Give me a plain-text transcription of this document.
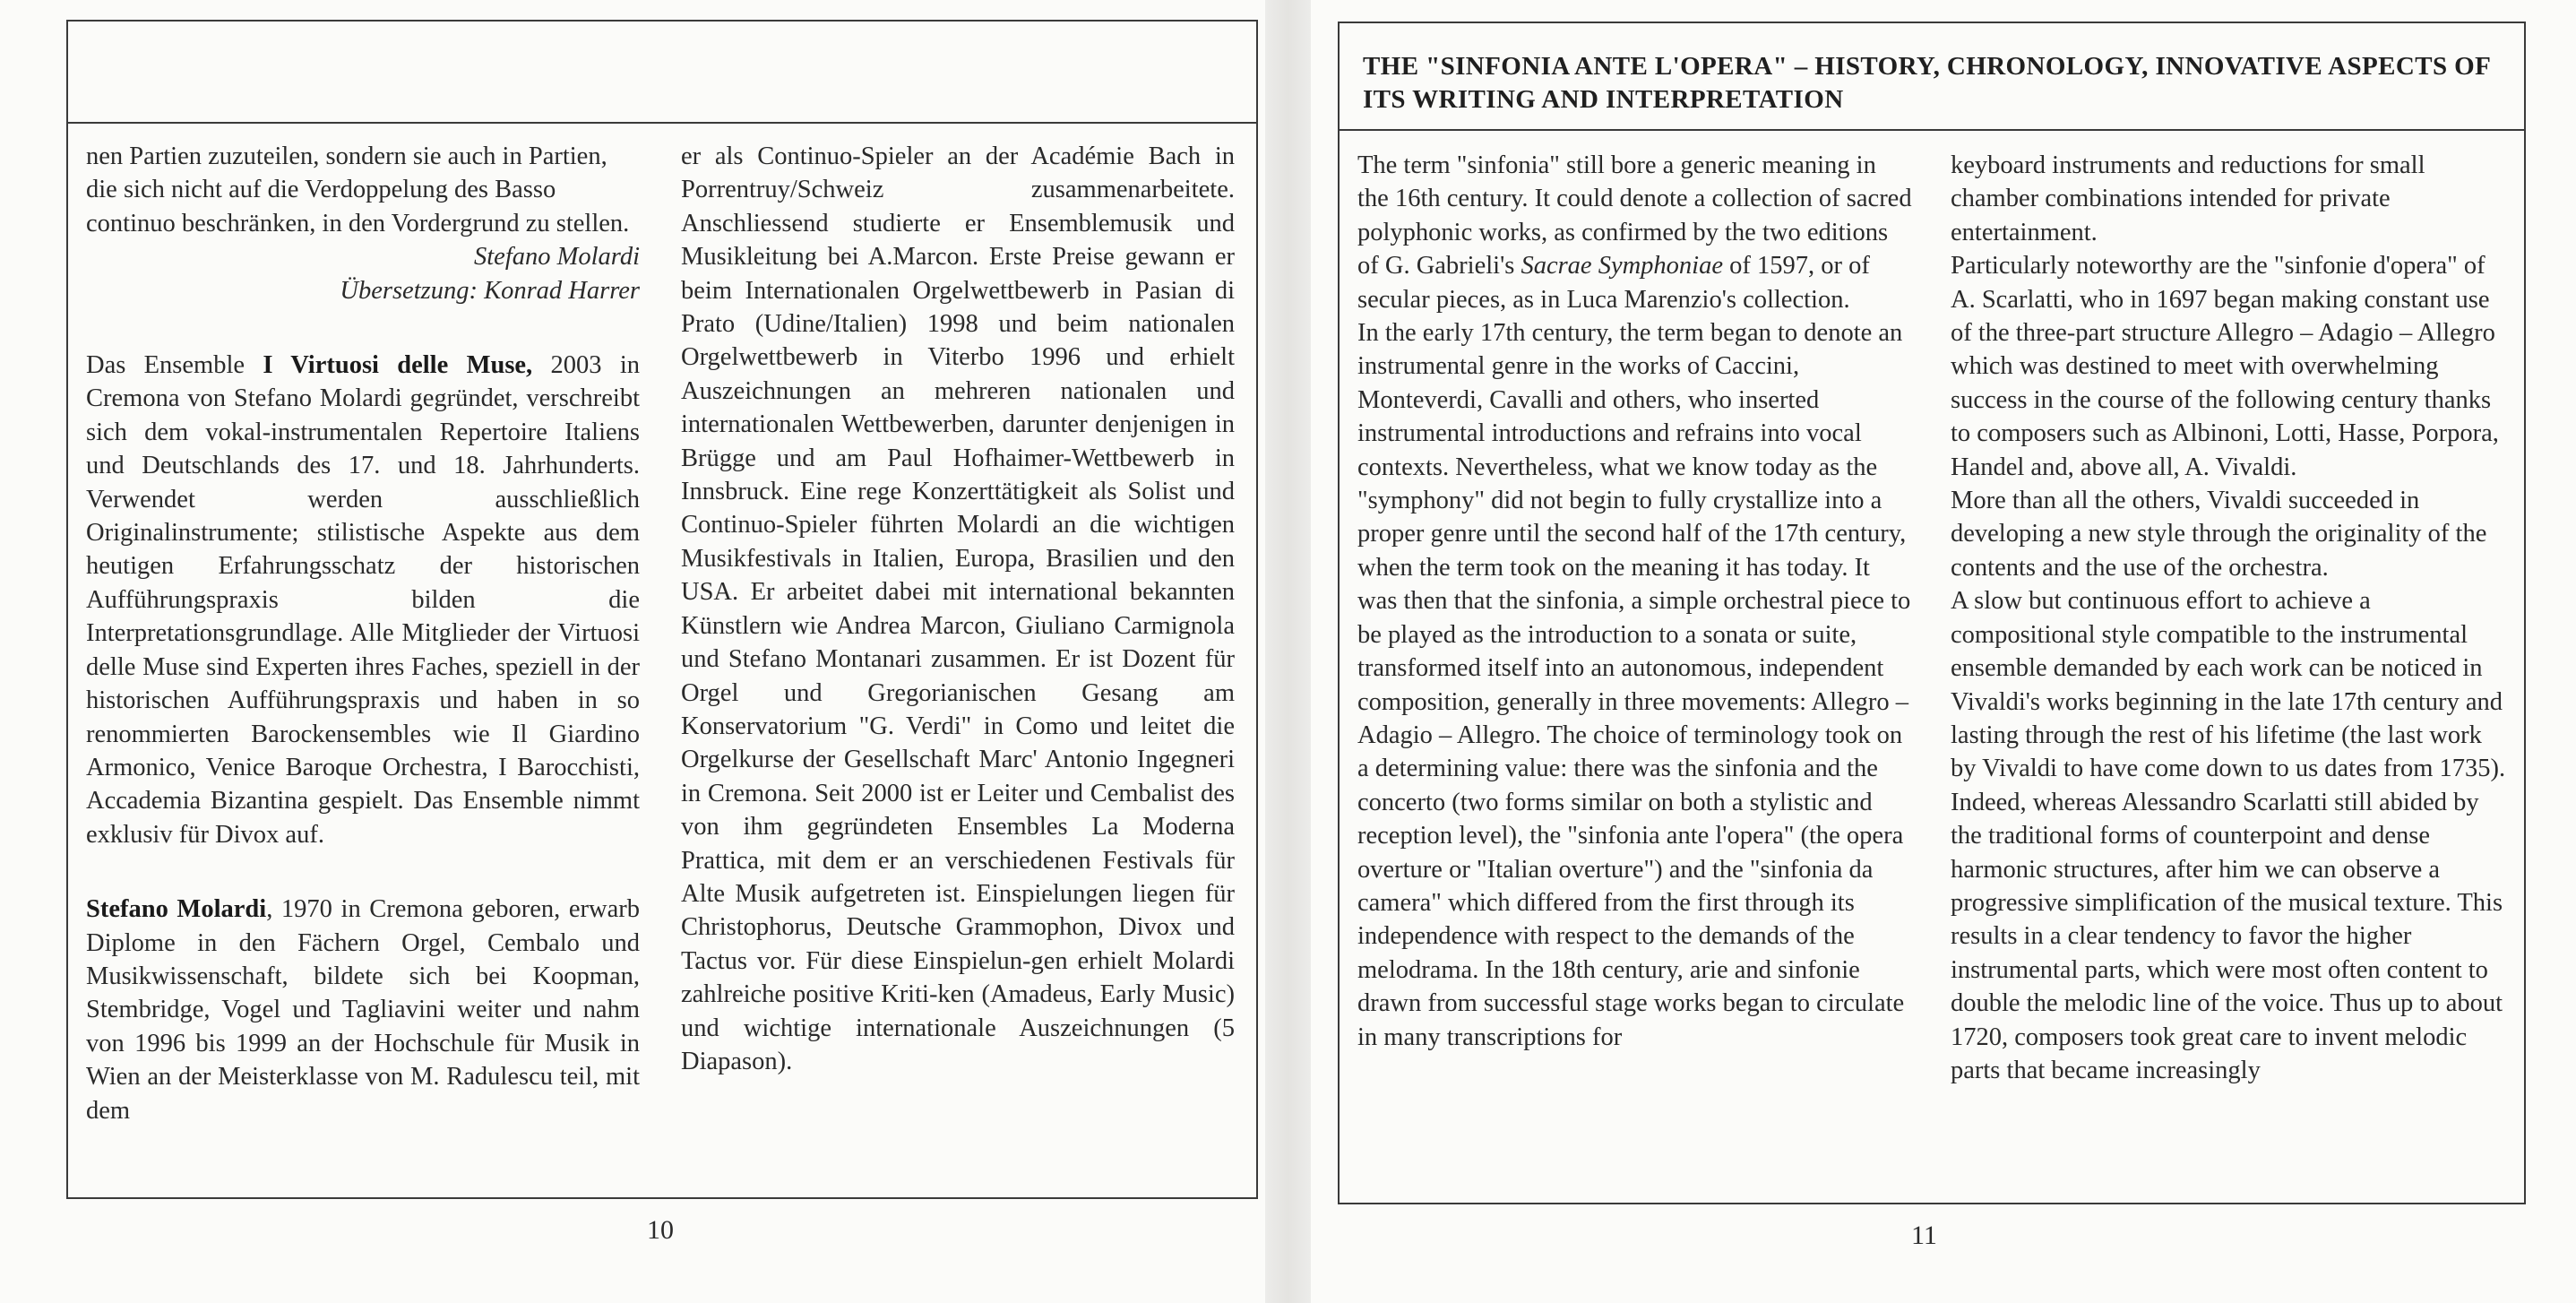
nen Partien zuzuteilen, sondern sie auch in Partien, die sich nicht auf die Verdoppelung des Basso continuo beschränken, in den Vordergrund zu stellen.

Stefano Molardi

Übersetzung: Konrad Harrer

Das Ensemble I Virtuosi delle Muse, 2003 in Cremona von Stefano Molardi gegründet, verschreibt sich dem vokal-instrumentalen Repertoire Italiens und Deutschlands des 17. und 18. Jahrhunderts. Verwendet werden ausschließlich Originalinstrumente; stilistische Aspekte aus dem heutigen Erfahrungsschatz der historischen Aufführungspraxis bilden die Interpretationsgrundlage. Alle Mitglieder der Virtuosi delle Muse sind Experten ihres Faches, speziell in der historischen Aufführungspraxis und haben in so renommierten Barockensembles wie Il Giardino Armonico, Venice Baroque Orchestra, I Barocchisti, Accademia Bizantina gespielt. Das Ensemble nimmt exklusiv für Divox auf.

Stefano Molardi, 1970 in Cremona geboren, erwarb Diplome in den Fächern Orgel, Cembalo und Musikwissenschaft, bildete sich bei Koopman, Stembridge, Vogel und Tagliavini weiter und nahm von 1996 bis 1999 an der Hochschule für Musik in Wien an der Meisterklasse von M. Radulescu teil, mit dem

er als Continuo-Spieler an der Académie Bach in Porrentruy/Schweiz zusammenarbeitete. Anschliessend studierte er Ensemblemusik und Musikleitung bei A.Marcon. Erste Preise gewann er beim Internationalen Orgelwettbewerb in Pasian di Prato (Udine/Italien) 1998 und beim nationalen Orgelwettbewerb in Viterbo 1996 und erhielt Auszeichnungen an mehreren nationalen und internationalen Wettbewerben, darunter denjenigen in Brügge und am Paul Hofhaimer-Wettbewerb in Innsbruck. Eine rege Konzerttätigkeit als Solist und Continuo-Spieler führten Molardi an die wichtigen Musikfestivals in Italien, Europa, Brasilien und den USA. Er arbeitet dabei mit international bekannten Künstlern wie Andrea Marcon, Giuliano Carmignola und Stefano Montanari zusammen. Er ist Dozent für Orgel und Gregorianischen Gesang am Konservatorium "G. Verdi" in Como und leitet die Orgelkurse der Gesellschaft Marc' Antonio Ingegneri in Cremona. Seit 2000 ist er Leiter und Cembalist des von ihm gegründeten Ensembles La Moderna Prattica, mit dem er an verschiedenen Festivals für Alte Musik aufgetreten ist. Einspielungen liegen für Christophorus, Deutsche Grammophon, Divox und Tactus vor. Für diese Einspielun-gen erhielt Molardi zahlreiche positive Kriti-ken (Amadeus, Early Music) und wichtige internationale Auszeichnungen (5 Diapason).

10
THE "SINFONIA ANTE L'OPERA" – HISTORY, CHRONOLOGY, INNOVATIVE ASPECTS OF ITS WRITING AND INTERPRETATION

The term "sinfonia" still bore a generic meaning in the 16th century. It could denote a collection of sacred polyphonic works, as confirmed by the two editions of G. Gabrieli's Sacrae Symphoniae of 1597, or of secular pieces, as in Luca Marenzio's collection.

In the early 17th century, the term began to denote an instrumental genre in the works of Caccini, Monteverdi, Cavalli and others, who inserted instrumental introductions and refrains into vocal contexts. Nevertheless, what we know today as the "symphony" did not begin to fully crystallize into a proper genre until the second half of the 17th century, when the term took on the meaning it has today. It was then that the sinfonia, a simple orchestral piece to be played as the introduction to a sonata or suite, transformed itself into an autonomous, independent composition, generally in three movements: Allegro – Adagio – Allegro. The choice of terminology took on a determining value: there was the sinfonia and the concerto (two forms similar on both a stylistic and reception level), the "sinfonia ante l'opera" (the opera overture or "Italian overture") and the "sinfonia da camera" which differed from the first through its independence with respect to the demands of the melodrama. In the 18th century, arie and sinfonie drawn from successful stage works began to circulate in many transcriptions for

keyboard instruments and reductions for small chamber combinations intended for private entertainment.

Particularly noteworthy are the "sinfonie d'opera" of A. Scarlatti, who in 1697 began making constant use of the three-part structure Allegro – Adagio – Allegro which was destined to meet with overwhelming success in the course of the following century thanks to composers such as Albinoni, Lotti, Hasse, Porpora, Handel and, above all, A. Vivaldi.

More than all the others, Vivaldi succeeded in developing a new style through the originality of the contents and the use of the orchestra.

A slow but continuous effort to achieve a compositional style compatible to the instrumental ensemble demanded by each work can be noticed in Vivaldi's works beginning in the late 17th century and lasting through the rest of his lifetime (the last work by Vivaldi to have come down to us dates from 1735).

Indeed, whereas Alessandro Scarlatti still abided by the traditional forms of counterpoint and dense harmonic structures, after him we can observe a progressive simplification of the musical texture. This results in a clear tendency to favor the higher instrumental parts, which were most often content to double the melodic line of the voice. Thus up to about 1720, composers took great care to invent melodic parts that became increasingly

11
